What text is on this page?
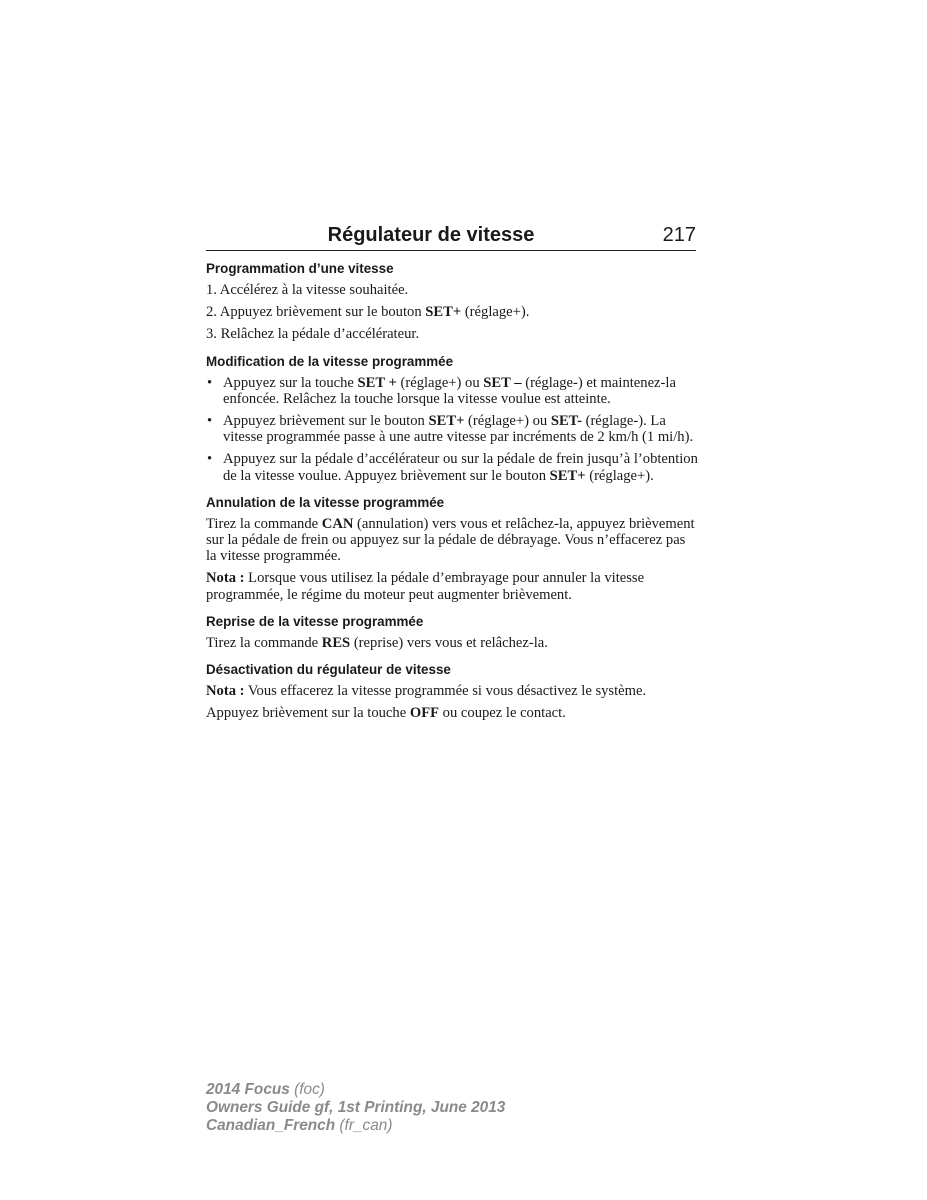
Régulateur de vitesse	217
Programmation d’une vitesse

1. Accélérez à la vitesse souhaitée.

2. Appuyez brièvement sur le bouton SET+ (réglage+).

3. Relâchez la pédale d’accélérateur.

Modification de la vitesse programmée
• Appuyez sur la touche SET + (réglage+) ou SET – (réglage-) et maintenez-la enfoncée. Relâchez la touche lorsque la vitesse voulue est atteinte.
• Appuyez brièvement sur le bouton SET+ (réglage+) ou SET- (réglage-). La vitesse programmée passe à une autre vitesse par incréments de 2 km/h (1 mi/h).
• Appuyez sur la pédale d’accélérateur ou sur la pédale de frein jusqu’à l’obtention de la vitesse voulue. Appuyez brièvement sur le bouton SET+ (réglage+).
Annulation de la vitesse programmée

Tirez la commande CAN (annulation) vers vous et relâchez-la, appuyez brièvement sur la pédale de frein ou appuyez sur la pédale de débrayage. Vous n’effacerez pas la vitesse programmée.

Nota : Lorsque vous utilisez la pédale d’embrayage pour annuler la vitesse programmée, le régime du moteur peut augmenter brièvement.

Reprise de la vitesse programmée

Tirez la commande RES (reprise) vers vous et relâchez-la.

Désactivation du régulateur de vitesse

Nota : Vous effacerez la vitesse programmée si vous désactivez le système.

Appuyez brièvement sur la touche OFF ou coupez le contact.

2014 Focus (foc)
Owners Guide gf, 1st Printing, June 2013
Canadian_French (fr_can)
